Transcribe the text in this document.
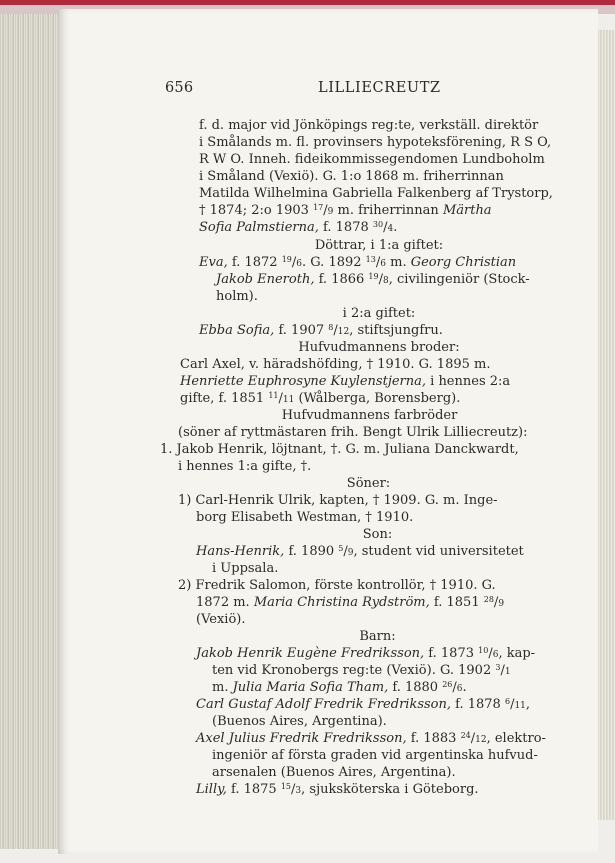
656	LILLIECREUTZ
f. d. major vid Jönköpings reg:te, verkställ. direktör
i Smålands m. fl. provinsers hypoteksförening, R S O,
R W O. Inneh. fideikommissegendomen Lundboholm
i Småland (Vexiö). G. 1:o 1868 m. friherrinnan
Matilda Wilhelmina Gabriella Falkenberg af Trystorp,
† 1874; 2:o 1903 $^{17}$/9 m. friherrinnan Märtha
Sofia Palmstierna, f. 1878 $^{30}$/4.
Döttrar, i 1:a giftet:
Eva, f. 1872 $^{19}$/6. G. 1892 $^{13}$/6 m. Georg Christian
Jakob Eneroth, f. 1866 $^{19}$/8, civilingeniör (Stock-
holm).
i 2:a giftet:
Ebba Sofia, f. 1907 $^8$/12, stiftsjungfru.
Hufvudmannens broder:
Carl Axel, v. häradshöfding, † 1910. G. 1895 m.
Henriette Euphrosyne Kuylenstjerna, i hennes 2:a
gifte, f. 1851 $^{11}$/11 (Wålberga, Borensberg).
Hufvudmannens farbröder
(söner af ryttmästaren frih. Bengt Ulrik Lilliecreutz):
1. Jakob Henrik, löjtnant, †. G. m. Juliana Danckwardt,
i hennes 1:a gifte, †.
Söner:
1) Carl-Henrik Ulrik, kapten, † 1909. G. m. Inge-
borg Elisabeth Westman, † 1910.
Son:
Hans-Henrik, f. 1890 $^5$/9, student vid universitetet
i Uppsala.
2) Fredrik Salomon, förste kontrollör, † 1910. G.
1872 m. Maria Christina Rydström, f. 1851 $^{28}$/9
(Vexiö).
Barn:
Jakob Henrik Eugène Fredriksson, f. 1873 $^{10}$/6, kap-
ten vid Kronobergs reg:te (Vexiö). G. 1902 $^3$/1
m. Julia Maria Sofia Tham, f. 1880 $^{26}$/6.
Carl Gustaf Adolf Fredrik Fredriksson, f. 1878 $^6$/11,
(Buenos Aires, Argentina).
Axel Julius Fredrik Fredriksson, f. 1883 $^{24}$/12, elektro-
ingeniör af första graden vid argentinska hufvud-
arsenalen (Buenos Aires, Argentina).
Lilly, f. 1875 $^{15}$/3, sjuksköterska i Göteborg.
